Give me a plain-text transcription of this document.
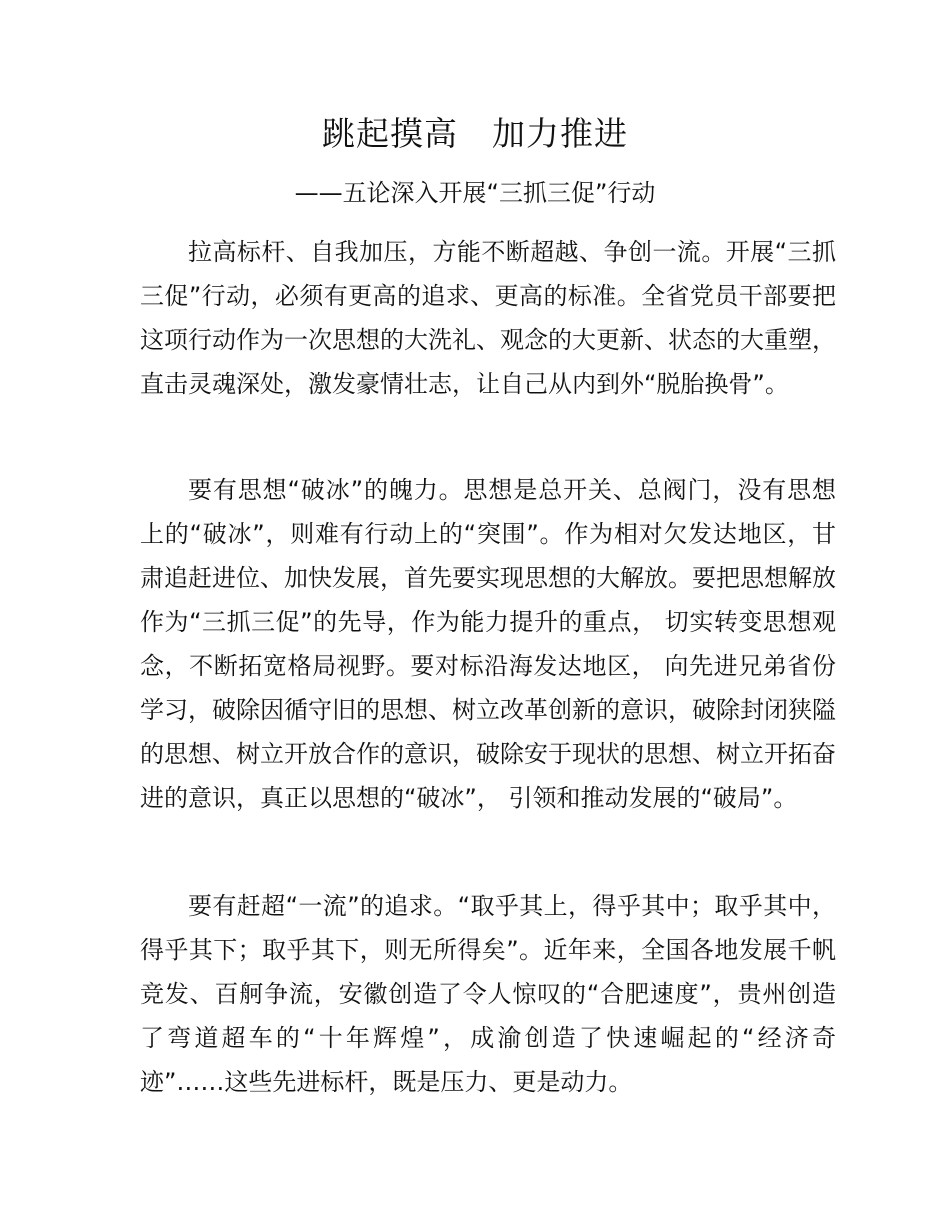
跳起摸高　加力推进
——五论深入开展“三抓三促”行动

拉高标杆、自我加压，方能不断超越、争创一流。开展“三抓三促”行动，必须有更高的追求、更高的标准。全省党员干部要把这项行动作为一次思想的大洗礼、观念的大更新、状态的大重塑，直击灵魂深处，激发豪情壮志，让自己从内到外“脱胎换骨”。

要有思想“破冰”的魄力。思想是总开关、总阀门，没有思想上的“破冰”，则难有行动上的“突围”。作为相对欠发达地区，甘肃追赶进位、加快发展，首先要实现思想的大解放。要把思想解放作为“三抓三促”的先导，作为能力提升的重点， 切实转变思想观念，不断拓宽格局视野。要对标沿海发达地区， 向先进兄弟省份学习，破除因循守旧的思想、树立改革创新的意识，破除封闭狭隘的思想、树立开放合作的意识，破除安于现状的思想、树立开拓奋进的意识，真正以思想的“破冰”， 引领和推动发展的“破局”。

要有赶超“一流”的追求。“取乎其上，得乎其中；取乎其中，得乎其下；取乎其下，则无所得矣”。近年来，全国各地发展千帆竞发、百舸争流，安徽创造了令人惊叹的“合肥速度”，贵州创造了弯道超车的“十年辉煌”，成渝创造了快速崛起的“经济奇迹”……这些先进标杆，既是压力、更是动力。
